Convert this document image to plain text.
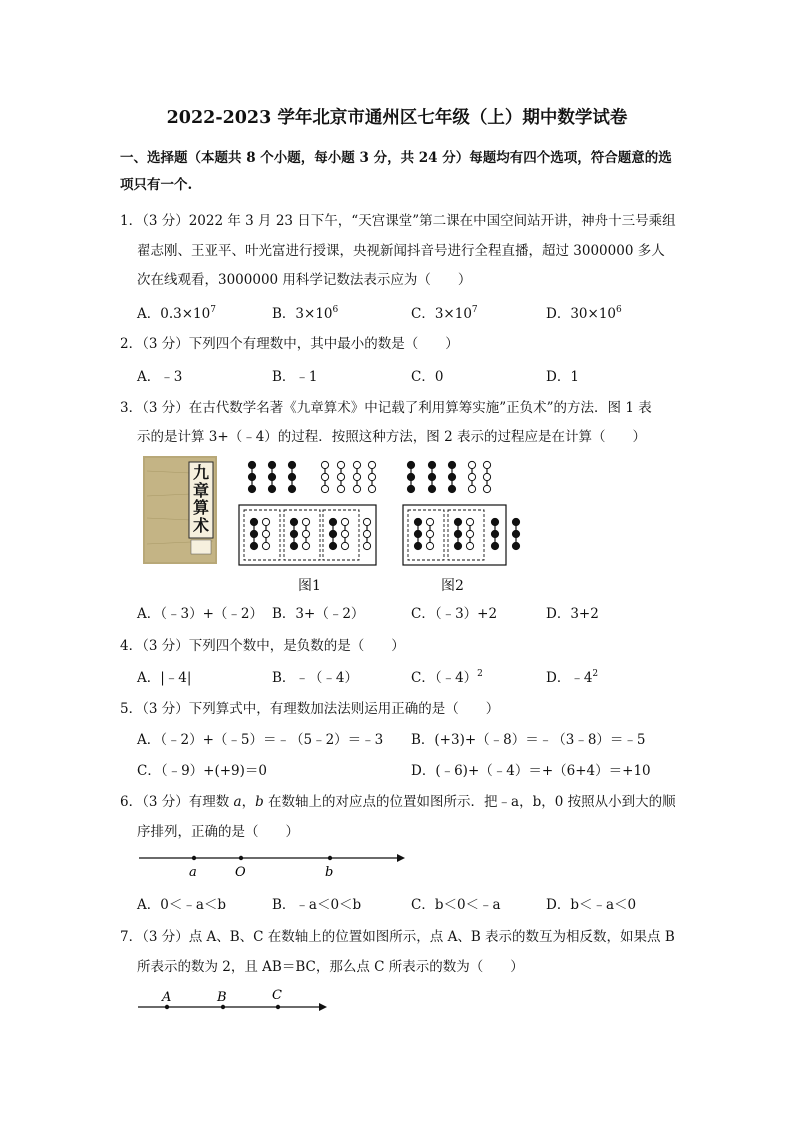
2022-2023 学年北京市通州区七年级（上）期中数学试卷
一、选择题（本题共 8 个小题，每小题 3 分，共 24 分）每题均有四个选项，符合题意的选
项只有一个.
1．（3 分）2022 年 3 月 23 日下午，“天宫课堂”第二课在中国空间站开讲，神舟十三号乘组
翟志刚、王亚平、叶光富进行授课，央视新闻抖音号进行全程直播，超过 3000000 多人
次在线观看，3000000 用科学记数法表示应为（　　）
A．$0.3\times 10^7$	B．$3\times 10^6$	C．$3\times 10^7$	D．$30\times 10^6$
2．（3 分）下列四个有理数中，其中最小的数是（　　）
A．﹣3	B．﹣1	C．0	D．1
3．（3 分）在古代数学名著《九章算术》中记载了利用算筹实施”正负术”的方法．图 1 表
示的是计算 3+（﹣4）的过程．按照这种方法，图 2 表示的过程应是在计算（　　）
九章算术
图1	图2
A．（﹣3）+（﹣2） B．3+（﹣2）	C．（﹣3）+2	D．3+2
4．（3 分）下列四个数中，是负数的是（　　）
A．|﹣4|	B．﹣（﹣4）	C．（﹣4）$^2$	D．$﹣4^2$
5．（3 分）下列算式中，有理数加法法则运用正确的是（　　）
A．（﹣2）+（﹣5）＝﹣（5﹣2）＝﹣3 B．(+3)+（﹣8）＝﹣（3﹣8）＝﹣5
C．（﹣9）+(+9)＝0	D．(﹣6)+（﹣4）＝+（6+4）＝+10
6．（3 分）有理数 a，b 在数轴上的对应点的位置如图所示．把﹣a，b，0 按照从小到大的顺
序排列，正确的是（　　）
a	O	b
A．0＜﹣a＜b	B．﹣a＜0＜b	C．b＜0＜﹣a	D．b＜﹣a＜0
7．（3 分）点 A、B、C 在数轴上的位置如图所示，点 A、B 表示的数互为相反数，如果点 B
所表示的数为 2，且 AB＝BC，那么点 C 所表示的数为（　　）
A	B	C
